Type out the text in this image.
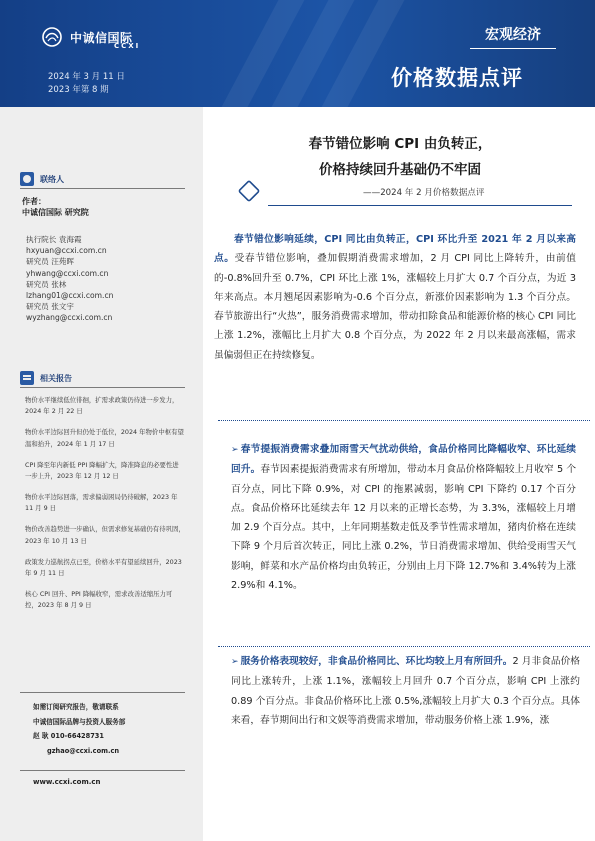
中诚信国际
CCXI
2024 年 3 月 11 日
2023 年第 8 期
宏观经济
价格数据点评
联络人
作者：
中诚信国际 研究院
执行院长 袁海霞
hxyuan@ccxi.com.cn
研究员 汪苑晖
yhwang@ccxi.com.cn
研究员 张林
lzhang01@ccxi.com.cn
研究员 张文宇
wyzhang@ccxi.com.cn
相关报告
物价水平继续低位徘徊，扩需求政策仍待进一步发力，2024 年 2 月 22 日
物价水平边际回升但仍处于低位，2024 年物价中枢有望温和抬升，2024 年 1 月 17 日
CPI 降至年内新低 PPI 降幅扩大，降准降息的必要性进一步上升，2023 年 12 月 12 日
物价水平边际回落，需求偏弱困局仍待破解，2023 年 11 月 9 日
物价改善趋势进一步确认，但需求修复基础仍有待巩固，2023 年 10 月 13 日
政策发力巡航拐点已至，价格水平有望延续回升，2023 年 9 月 11 日
核心 CPI 回升、PPI 降幅收窄，需求改善适缩压力可控，2023 年 8 月 9 日
如需订阅研究报告，敬请联系
中诚信国际品牌与投资人服务部
赵 耿 010-66428731
gzhao@ccxi.com.cn
www.ccxi.com.cn
春节错位影响 CPI 由负转正，
价格持续回升基础仍不牢固
——2024 年 2 月价格数据点评
春节错位影响延续，CPI 同比由负转正，CPI 环比升至 2021 年 2 月以来高点。受春节错位影响，叠加假期消费需求增加，2 月 CPI 同比上降转升，由前值的-0.8%回升至 0.7%，CPI 环比上涨 1%，涨幅较上月扩大 0.7 个百分点，为近 3 年来高点。本月翘尾因素影响为-0.6 个百分点，新涨价因素影响为 1.3 个百分点。春节旅游出行“火热”，服务消费需求增加，带动扣除食品和能源价格的核心 CPI 同比上涨 1.2%，涨幅比上月扩大 0.8 个百分点，为 2022 年 2 月以来最高涨幅，需求虽偏弱但正在持续修复。
➢ 春节提振消费需求叠加雨雪天气扰动供给，食品价格同比降幅收窄、环比延续回升。春节因素提振消费需求有所增加，带动本月食品价格降幅较上月收窄 5 个百分点，同比下降 0.9%，对 CPI 的拖累减弱，影响 CPI 下降约 0.17 个百分点。食品价格环比延续去年 12 月以来的正增长态势，为 3.3%，涨幅较上月增加 2.9 个百分点。其中，上年同期基数走低及季节性需求增加，猪肉价格在连续下降 9 个月后首次转正，同比上涨 0.2%，节日消费需求增加、供给受雨雪天气影响，鲜菜和水产品价格均由负转正，分别由上月下降 12.7%和 3.4%转为上涨 2.9%和 4.1%。
➢ 服务价格表现较好，非食品价格同比、环比均较上月有所回升。2 月非食品价格同比上涨转升，上涨 1.1%，涨幅较上月回升 0.7 个百分点，影响 CPI 上涨约 0.89 个百分点。非食品价格环比上涨 0.5%,涨幅较上月扩大 0.3 个百分点。具体来看，春节期间出行和文娱等消费需求增加，带动服务价格上涨 1.9%，涨
